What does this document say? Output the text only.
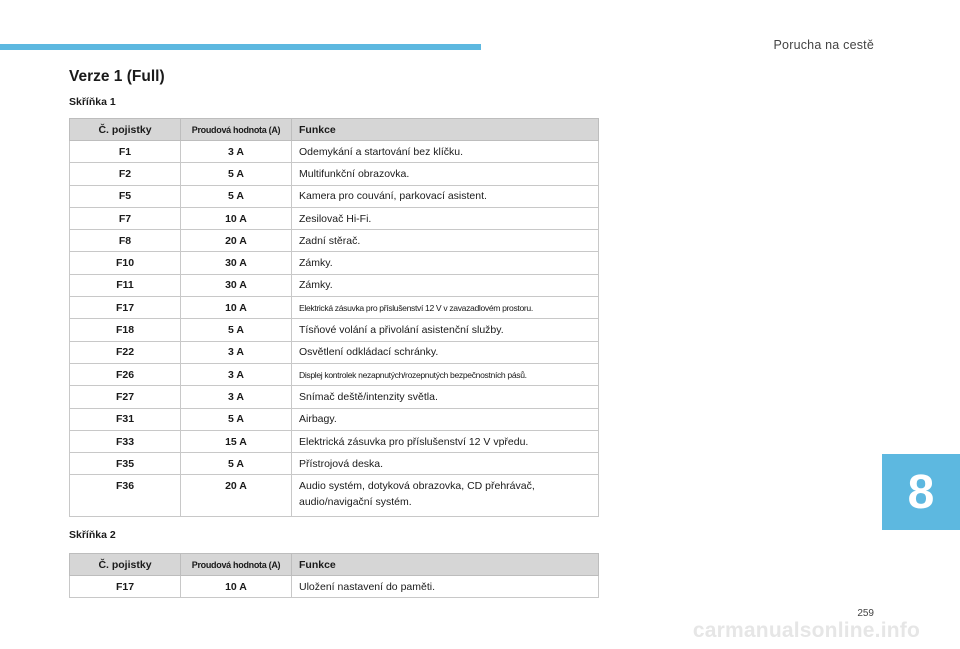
Porucha na cestě
Verze 1 (Full)
Skříňka 1
Č. pojistky	Proudová hodnota (A)	Funkce
F1	3 A	Odemykání a startování bez klíčku.
F2	5 A	Multifunkční obrazovka.
F5	5 A	Kamera pro couvání, parkovací asistent.
F7	10 A	Zesilovač Hi-Fi.
F8	20 A	Zadní stěrač.
F10	30 A	Zámky.
F11	30 A	Zámky.
F17	10 A	Elektrická zásuvka pro příslušenství 12 V v zavazadlovém prostoru.
F18	5 A	Tísňové volání a přivolání asistenční služby.
F22	3 A	Osvětlení odkládací schránky.
F26	3 A	Displej kontrolek nezapnutých/rozepnutých bezpečnostních pásů.
F27	3 A	Snímač deště/intenzity světla.
F31	5 A	Airbagy.
F33	15 A	Elektrická zásuvka pro příslušenství 12 V vpředu.
F35	5 A	Přístrojová deska.
F36	20 A	Audio systém, dotyková obrazovka, CD přehrávač,
audio/navigační systém.
Skříňka 2
Č. pojistky	Proudová hodnota (A)	Funkce
F17	10 A	Uložení nastavení do paměti.
8
259
carmanualsonline.info
